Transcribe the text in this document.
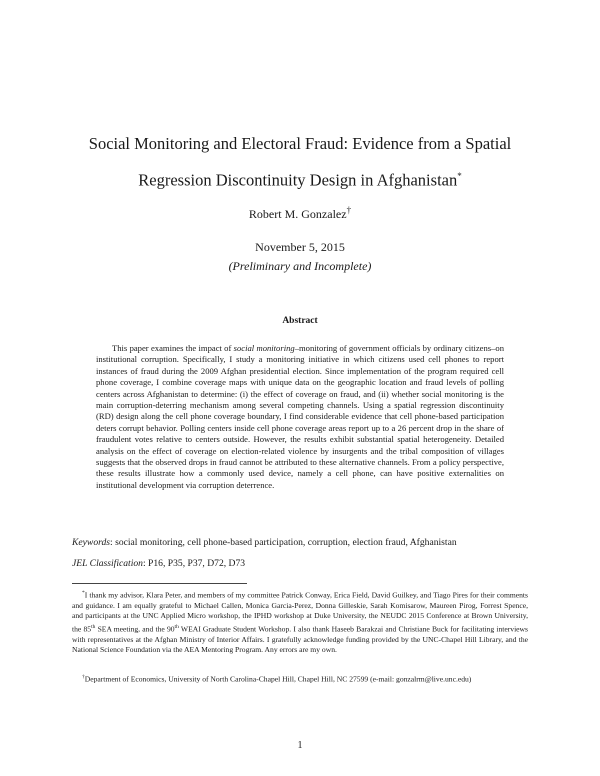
Social Monitoring and Electoral Fraud: Evidence from a Spatial
Regression Discontinuity Design in Afghanistan*
Robert M. Gonzalez†
November 5, 2015
(Preliminary and Incomplete)
Abstract

This paper examines the impact of social monitoring–monitoring of government officials by ordinary citizens–on institutional corruption. Specifically, I study a monitoring initiative in which citizens used cell phones to report instances of fraud during the 2009 Afghan presidential election. Since implementation of the program required cell phone coverage, I combine coverage maps with unique data on the geographic location and fraud levels of polling centers across Afghanistan to determine: (i) the effect of coverage on fraud, and (ii) whether social monitoring is the main corruption-deterring mechanism among several competing channels. Using a spatial regression discontinuity (RD) design along the cell phone coverage boundary, I find considerable evidence that cell phone-based participation deters corrupt behavior. Polling centers inside cell phone coverage areas report up to a 26 percent drop in the share of fraudulent votes relative to centers outside. However, the results exhibit substantial spatial heterogeneity. Detailed analysis on the effect of coverage on election-related violence by insurgents and the tribal composition of villages suggests that the observed drops in fraud cannot be attributed to these alternative channels. From a policy perspective, these results illustrate how a commonly used device, namely a cell phone, can have positive externalities on institutional development via corruption deterrence.

Keywords: social monitoring, cell phone-based participation, corruption, election fraud, Afghanistan
JEL Classification: P16, P35, P37, D72, D73

*I thank my advisor, Klara Peter, and members of my committee Patrick Conway, Erica Field, David Guilkey, and Tiago Pires for their comments and guidance. I am equally grateful to Michael Callen, Monica Garcia-Perez, Donna Gilleskie, Sarah Komisarow, Maureen Pirog, Forrest Spence, and participants at the UNC Applied Micro workshop, the IPHD workshop at Duke University, the NEUDC 2015 Conference at Brown University, the 85th SEA meeting, and the 90th WEAI Graduate Student Workshop. I also thank Haseeb Barakzai and Christiane Buck for facilitating interviews with representatives at the Afghan Ministry of Interior Affairs. I gratefully acknowledge funding provided by the UNC-Chapel Hill Library, and the National Science Foundation via the AEA Mentoring Program. Any errors are my own.

†Department of Economics, University of North Carolina-Chapel Hill, Chapel Hill, NC 27599 (e-mail: gonzalrm@live.unc.edu)

1
